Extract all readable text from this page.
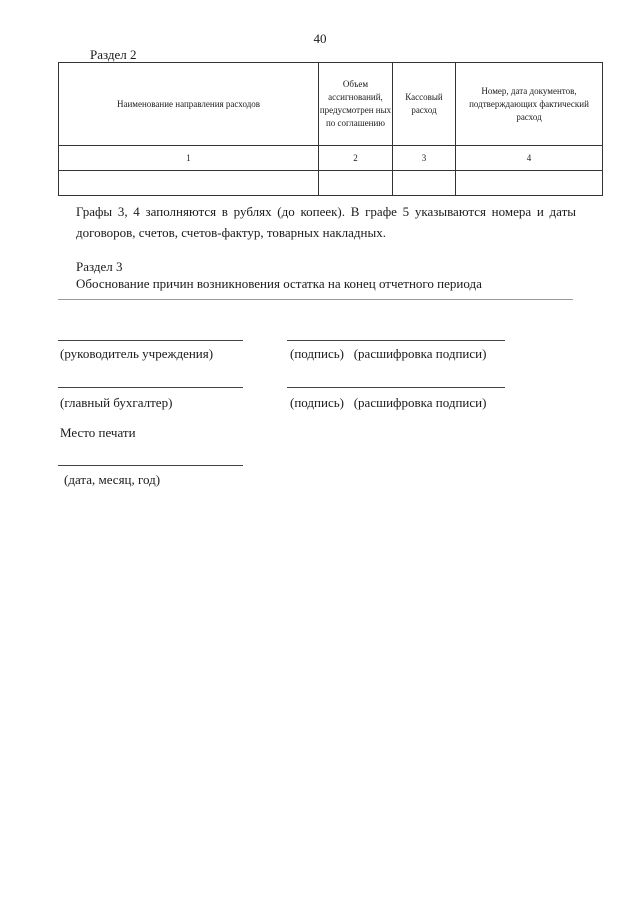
40
Раздел 2
Наименование направления расходов	Объем ассигнований, предусмотрен ных по соглашению	Кассовый расход	Номер, дата документов, подтверждающих фактический расход
1	2	3	4

Графы 3, 4 заполняются в рублях (до копеек). В графе 5 указываются номера и даты договоров, счетов, счетов-фактур, товарных накладных.
Раздел 3
Обоснование причин возникновения остатка на конец отчетного периода
(руководитель учреждения)	(подпись)   (расшифровка подписи)
(главный бухгалтер)	(подпись)   (расшифровка подписи)
Место печати
(дата, месяц, год)
